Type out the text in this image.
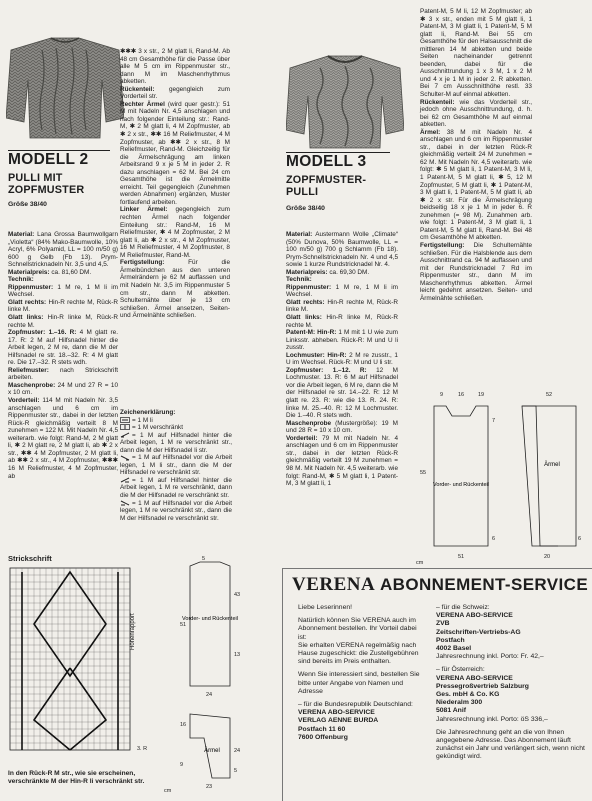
MODELL 2
PULLI MIT
ZOPFMUSTER
Größe 38/40

Material: Lana Grossa Baumwollgarn „Violetta“ (84% Mako-Baumwolle, 10% Acryl, 6% Polyamid, LL = 100 m/50 g) 600 g Gelb (Fb 13). Prym-Schnellstricknadeln Nr. 3,5 und 4,5.

Materialpreis: ca. 81,60 DM.

Technik:

Rippenmuster: 1 M re, 1 M li im Wechsel.

Glatt rechts: Hin-R rechte M, Rück-R linke M.

Glatt links: Hin-R linke M, Rück-R rechte M.

Zopfmuster: 1.–16. R: 4 M glatt re. 17. R: 2 M auf Hilfsnadel hinter die Arbeit legen, 2 M re, dann die M der Hilfsnadel re str. 18.–32. R: 4 M glatt re. Die 17.–32. R stets wdh.

Reliefmuster: nach Strickschrift arbeiten.

Maschenprobe: 24 M und 27 R = 10 x 10 cm.

Vorderteil: 114 M mit Nadeln Nr. 3,5 anschlagen und 6 cm im Rippenmuster str., dabei in der letzten Rück-R gleichmäßig verteilt 8 M zunehmen = 122 M. Mit Nadeln Nr. 4,5 weiterarb. wie folgt: Rand-M, 2 M glatt li, ✱ 2 M glatt re, 2 M glatt li, ab ✱ 2 x str., ✱✱ 4 M Zopfmuster, 2 M glatt li, ab ✱✱ 2 x str., 4 M Zopfmuster, ✱✱✱ 16 M Reliefmuster, 4 M Zopfmuster, ab

✱✱✱ 3 x str., 2 M glatt li, Rand-M. Ab 48 cm Gesamthöhe für die Passe über alle M 5 cm im Rippenmuster str., dann M im Maschenrhythmus abketten.

Rückenteil: gegengleich zum Vorderteil str.

Rechter Ärmel (wird quer gestr.): 51 M mit Nadeln Nr. 4,5 anschlagen und nach folgender Einteilung str.: Rand-M, ✱ 2 M glatt li, 4 M Zopfmuster, ab ✱ 2 x str., ✱✱ 16 M Reliefmuster, 4 M Zopfmuster, ab ✱✱ 2 x str., 8 M Reliefmuster, Rand-M. Gleichzeitig für die Ärmelschrägung am linken Arbeitsrand 9 x je 5 M in jeder 2. R dazu anschlagen = 62 M. Bei 24 cm Gesamthöhe ist die Ärmelmitte erreicht. Teil gegengleich (Zunehmen werden Abnahmen) ergänzen, Muster fortlaufend arbeiten.

Linker Ärmel: gegengleich zum rechten Ärmel nach folgender Einteilung str.: Rand-M, 16 M Reliefmuster, ✱ 4 M Zopfmuster, 2 M glatt li, ab ✱ 2 x str., 4 M Zopfmuster, 16 M Reliefmuster, 4 M Zopfmuster, 8 M Reliefmuster, Rand-M.

Fertigstellung: Für die Ärmelbündchen aus den unteren Ärmelrändern je 62 M auffassen und mit Nadeln Nr. 3,5 im Rippenmuster 5 cm str., dann M abketten. Schulternähte über je 13 cm schließen. Ärmel ansetzen, Seiten- und Ärmelnähte schließen.

Zeichenerklärung:

= 1 M li

= 1 M verschränkt

= 1 M auf Hilfsnadel hinter die Arbeit legen, 1 M re verschränkt str., dann die M der Hilfsnadel li str.

= 1 M auf Hilfsnadel vor die Arbeit legen, 1 M li str., dann die M der Hilfsnadel re verschränkt str.

= 1 M auf Hilfsnadel hinter die Arbeit legen, 1 M re verschränkt, dann die M der Hilfsnadel re verschränkt str.

= 1 M auf Hilfsnadel vor die Arbeit legen, 1 M re verschränkt str., dann die M der Hilfsnadel re verschränkt str.

MODELL 3
ZOPFMUSTER-
PULLI
Größe 38/40

Material: Austermann Wolle „Climate“ (50% Dunova, 50% Baumwolle, LL = 100 m/50 g) 700 g Schlamm (Fb 18). Prym-Schnellstricknadeln Nr. 4 und 4,5 sowie 1 kurze Rundstricknadel Nr. 4.

Materialpreis: ca. 69,30 DM.

Technik:

Rippenmuster: 1 M re, 1 M li im Wechsel.

Glatt rechts: Hin-R rechte M, Rück-R linke M.

Glatt links: Hin-R linke M, Rück-R rechte M.

Patent-M: Hin-R: 1 M mit 1 U wie zum Linksstr. abheben. Rück-R: M und U li zusstr.

Lochmuster: Hin-R: 2 M re zusstr., 1 U im Wechsel. Rück-R: M und U li str.

Zopfmuster: 1.–12. R: 12 M Lochmuster. 13. R: 6 M auf Hilfsnadel vor die Arbeit legen, 6 M re, dann die M der Hilfsnadel re str. 14.–22. R: 12 M glatt re. 23. R: wie die 13. R. 24. R: linke M. 25.–40. R: 12 M Lochmuster. Die 1.–40. R stets wdh.

Maschenprobe (Mustergröße): 19 M und 28 R = 10 x 10 cm.

Vorderteil: 79 M mit Nadeln Nr. 4 anschlagen und 6 cm im Rippenmuster str., dabei in der letzten Rück-R gleichmäßig verteilt 19 M zunehmen = 98 M. Mit Nadeln Nr. 4,5 weiterarb. wie folgt: Rand-M, ✱ 5 M glatt li, 1 Patent-M, 3 M glatt li, 1

Patent-M, 5 M li, 12 M Zopfmuster; ab ✱ 3 x str., enden mit 5 M glatt li, 1 Patent-M, 3 M glatt li, 1 Patent-M, 5 M glatt li, Rand-M. Bei 55 cm Gesamthöhe für den Halsausschnitt die mittleren 14 M abketten und beide Seiten nacheinander getrennt beenden, dabei für die Ausschnittrundung 1 x 3 M, 1 x 2 M und 4 x je 1 M in jeder 2. R abketten. Bei 7 cm Ausschnitthöhe restl. 33 Schulter-M auf einmal abketten.

Rückenteil: wie das Vorderteil str., jedoch ohne Ausschnittrundung, d. h. bei 62 cm Gesamthöhe M auf einmal abketten.

Ärmel: 38 M mit Nadeln Nr. 4 anschlagen und 6 cm im Rippenmuster str., dabei in der letzten Rück-R gleichmäßig verteilt 24 M zunehmen = 62 M. Mit Nadeln Nr. 4,5 weiterarb. wie folgt: ✱ 5 M glatt li, 1 Patent-M, 3 M li, 1 Patent-M, 5 M glatt li, ✱ 5, 12 M Zopfmuster, 5 M glatt li, ✱ 1 Patent-M, 3 M glatt li, 1 Patent-M, 5 M glatt li, ab ✱ 2 x str. Für die Ärmelschrägung beidseitig 18 x je 1 M in jeder 6. R zunehmen (= 98 M). Zunahmen arb. wie folgt: 1 Patent-M, 3 M glatt li, 1 Patent-M, 5 M glatt li, Rand-M. Bei 48 cm Gesamthöhe M abketten.

Fertigstellung: Die Schulternähte schließen. Für die Halsblende aus dem Ausschnittrand ca. 94 M auffassen und mit der Rundstricknadel 7 Rd im Rippenmuster str., dann M im Maschenrhythmus abketten. Ärmel leicht gedehnt ansetzen. Seiten- und Ärmelnähte schließen.

Strickschrift
Höhenrapport
3. R
In den Rück-R M str., wie sie erscheinen, verschränkte M der Hin-R li verschränkt str.
5
43
51
13
24
16
24
23
5
9
cm
Vorder- und Rückenteil
Ärmel
9	16	19
7
6
55
51
52
6
20
cm
Vorder- und Rückenteil
Ärmel
VERENA ABONNEMENT-SERVICE

Liebe Leserinnen!

Natürlich können Sie VERENA auch im Abonnement bestellen. Ihr Vorteil dabei ist:

Sie erhalten VERENA regelmäßig nach Hause zugeschickt: die Zustellgebühren sind bereits im Preis enthalten.

Wenn Sie interessiert sind, bestellen Sie bitte unter Angabe von Namen und Adresse

– für die Bundesrepublik Deutschland:

VERENA ABO-SERVICE

VERLAG AENNE BURDA

Postfach 11 60

7600 Offenburg

– für die Schweiz:

VERENA ABO-SERVICE

ZVB

Zeitschriften-Vertriebs-AG

Postfach

4002 Basel

Jahresrechnung inkl. Porto: Fr. 42,–

– für Österreich:

VERENA ABO-SERVICE

Pressegroßvertrieb Salzburg

Ges. mbH & Co. KG

Niederalm 300

5081 Anif

Jahresrechnung inkl. Porto: öS 336,–

Die Jahresrechnung geht an die von Ihnen angegebene Adresse. Das Abonnement läuft zunächst ein Jahr und verlängert sich, wenn nicht gekündigt wird.
